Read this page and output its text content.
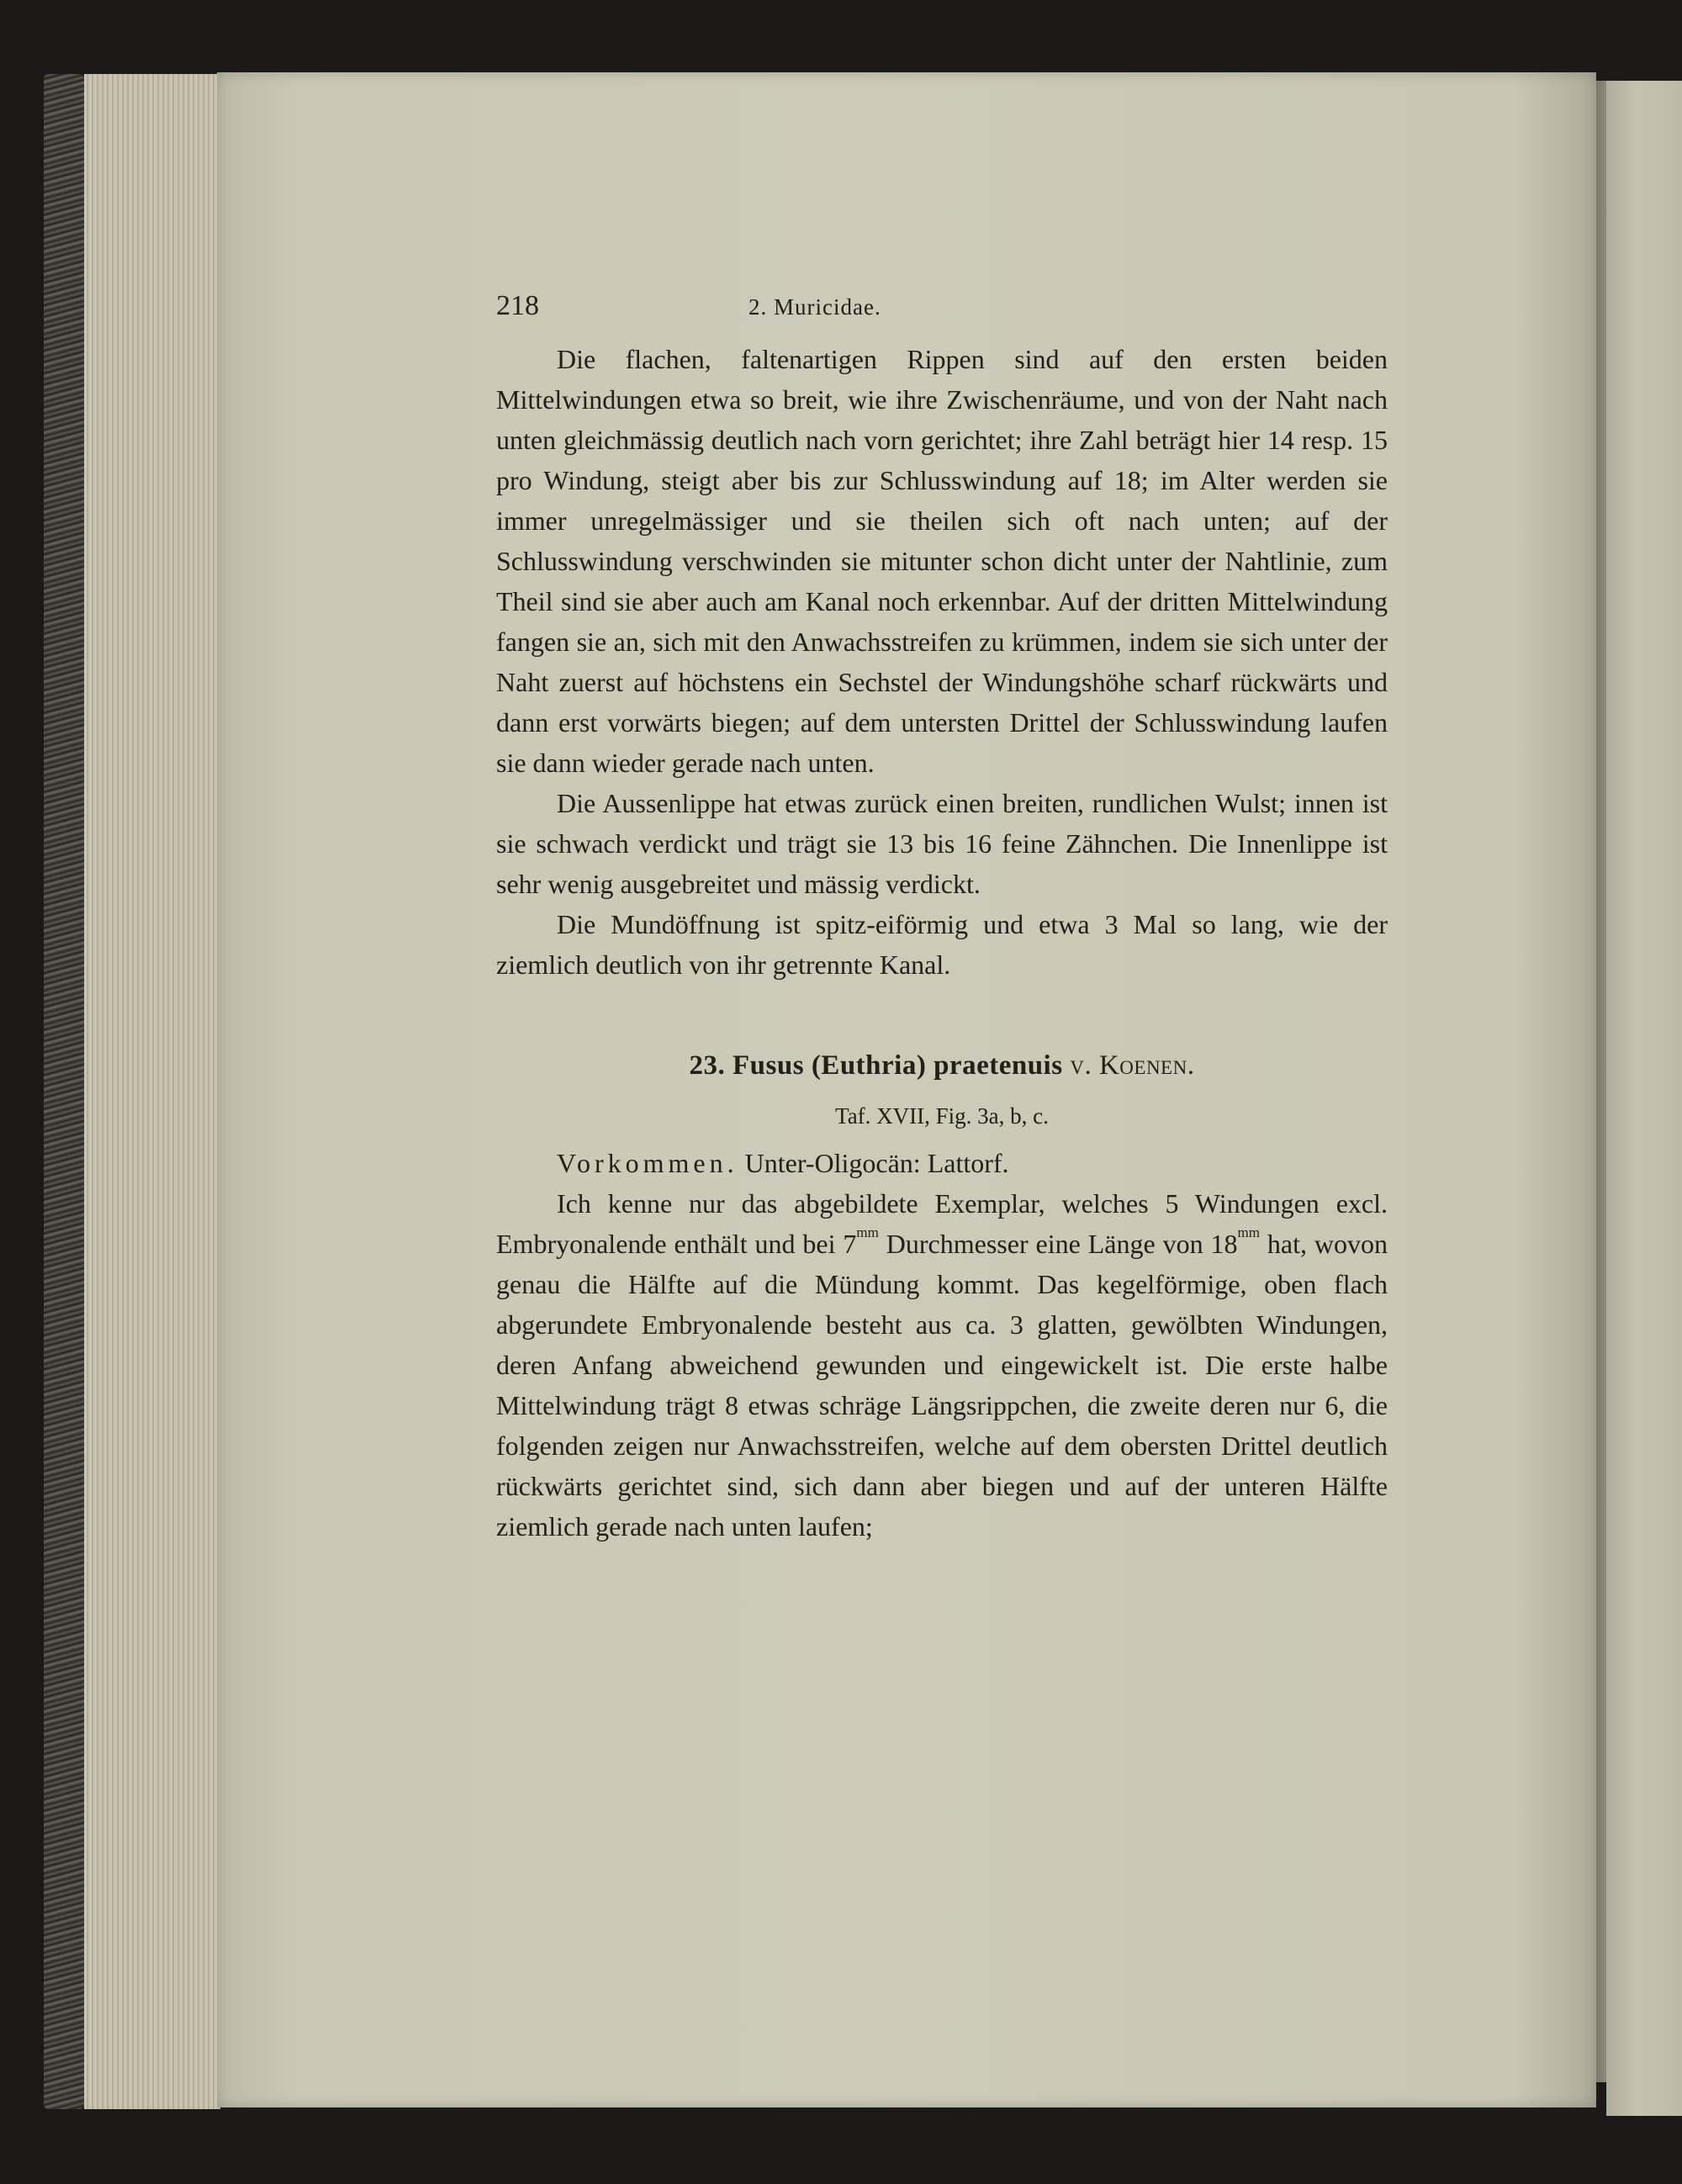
218	2. Muricidae.

Die flachen, faltenartigen Rippen sind auf den ersten beiden Mittelwindungen etwa so breit, wie ihre Zwischenräume, und von der Naht nach unten gleichmässig deutlich nach vorn gerichtet; ihre Zahl beträgt hier 14 resp. 15 pro Windung, steigt aber bis zur Schlusswindung auf 18; im Alter werden sie immer unregelmässiger und sie theilen sich oft nach unten; auf der Schlusswindung verschwinden sie mitunter schon dicht unter der Nahtlinie, zum Theil sind sie aber auch am Kanal noch erkennbar. Auf der dritten Mittelwindung fangen sie an, sich mit den Anwachsstreifen zu krümmen, indem sie sich unter der Naht zuerst auf höchstens ein Sechstel der Windungshöhe scharf rückwärts und dann erst vorwärts biegen; auf dem untersten Drittel der Schlusswindung laufen sie dann wieder gerade nach unten.

Die Aussenlippe hat etwas zurück einen breiten, rundlichen Wulst; innen ist sie schwach verdickt und trägt sie 13 bis 16 feine Zähnchen. Die Innenlippe ist sehr wenig ausgebreitet und mässig verdickt.

Die Mundöffnung ist spitz-eiförmig und etwa 3 Mal so lang, wie der ziemlich deutlich von ihr getrennte Kanal.

23. Fusus (Euthria) praetenuis v. Koenen.
Taf. XVII, Fig. 3a, b, c.

Vorkommen. Unter-Oligocän: Lattorf.

Ich kenne nur das abgebildete Exemplar, welches 5 Windungen excl. Embryonalende enthält und bei $7^{mm}$ Durchmesser eine Länge von $18^{mm}$ hat, wovon genau die Hälfte auf die Mündung kommt. Das kegelförmige, oben flach abgerundete Embryonalende besteht aus ca. 3 glatten, gewölbten Windungen, deren Anfang abweichend gewunden und eingewickelt ist. Die erste halbe Mittelwindung trägt 8 etwas schräge Längsrippchen, die zweite deren nur 6, die folgenden zeigen nur Anwachsstreifen, welche auf dem obersten Drittel deutlich rückwärts gerichtet sind, sich dann aber biegen und auf der unteren Hälfte ziemlich gerade nach unten laufen;
